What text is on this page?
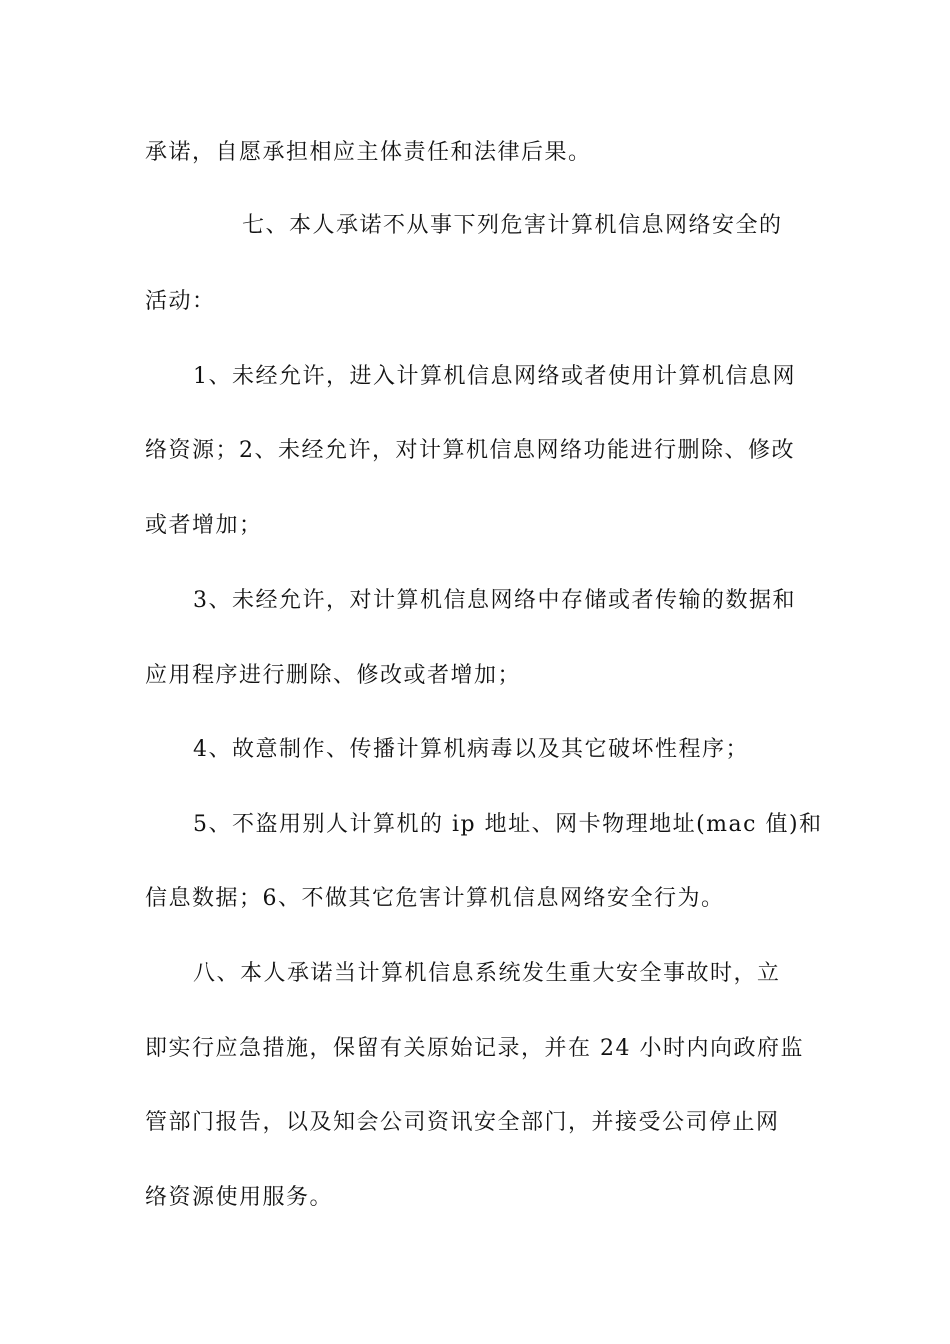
承诺，自愿承担相应主体责任和法律后果。
七、本人承诺不从事下列危害计算机信息网络安全的
活动：
1、未经允许，进入计算机信息网络或者使用计算机信息网
络资源；2、未经允许，对计算机信息网络功能进行删除、修改
或者增加；
3、未经允许，对计算机信息网络中存储或者传输的数据和
应用程序进行删除、修改或者增加；
4、故意制作、传播计算机病毒以及其它破坏性程序；
5、不盗用别人计算机的 ip 地址、网卡物理地址(mac 值)和
信息数据；6、不做其它危害计算机信息网络安全行为。
八、本人承诺当计算机信息系统发生重大安全事故时，立
即实行应急措施，保留有关原始记录，并在 24 小时内向政府监
管部门报告，以及知会公司资讯安全部门，并接受公司停止网
络资源使用服务。
